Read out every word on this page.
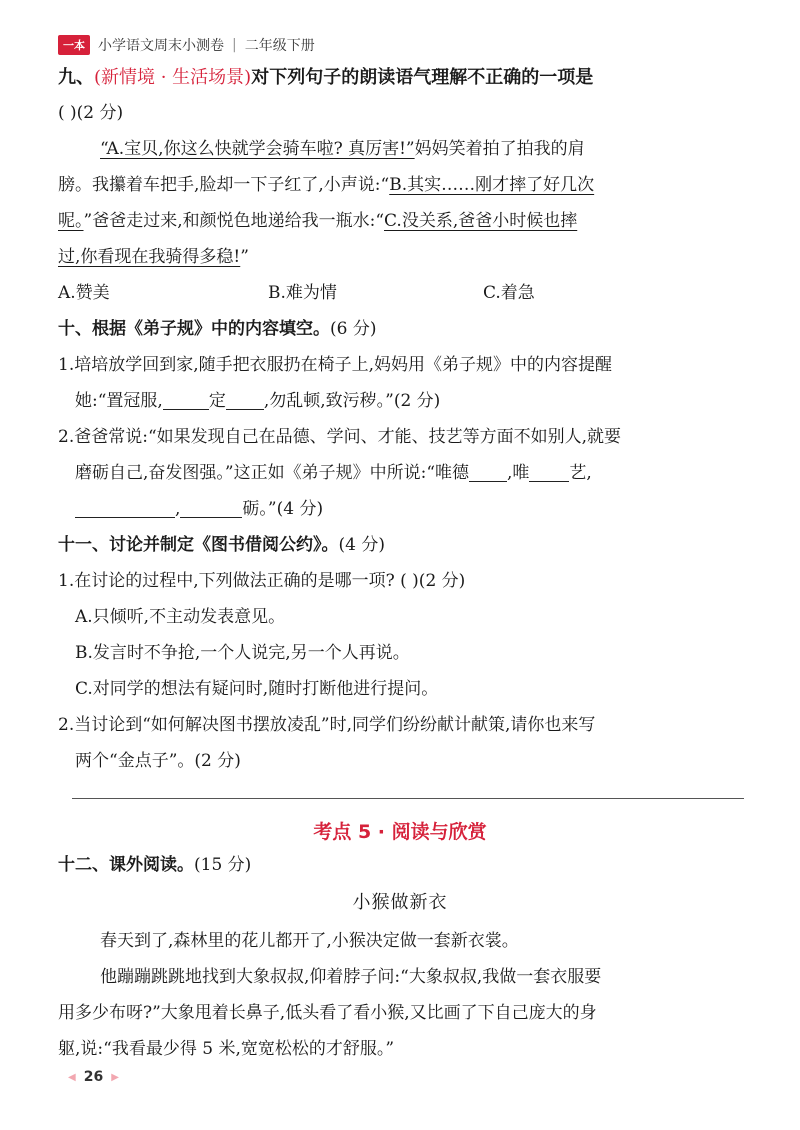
一本 小学语文周末小测卷 | 二年级下册
九、(新情境 · 生活场景)对下列句子的朗读语气理解不正确的一项是
( )(2 分)
“A.宝贝,你这么快就学会骑车啦? 真厉害!”妈妈笑着拍了拍我的肩
膀。我攥着车把手,脸却一下子红了,小声说:“B.其实……刚才摔了好几次
呢。”爸爸走过来,和颜悦色地递给我一瓶水:“C.没关系,爸爸小时候也摔
过,你看现在我骑得多稳!”
A.赞美	B.难为情	C.着急
十、根据《弟子规》中的内容填空。(6 分)
1.培培放学回到家,随手把衣服扔在椅子上,妈妈用《弟子规》中的内容提醒
她:“置冠服,	定 ,勿乱顿,致污秽。”(2 分)
2.爸爸常说:“如果发现自己在品德、学问、才能、技艺等方面不如别人,就要
磨砺自己,奋发图强。”这正如《弟子规》中所说:“唯德 ,唯 艺,
,	砺。”(4 分)
十一、讨论并制定《图书借阅公约》。(4 分)
1.在讨论的过程中,下列做法正确的是哪一项? ( )(2 分)
A.只倾听,不主动发表意见。
B.发言时不争抢,一个人说完,另一个人再说。
C.对同学的想法有疑问时,随时打断他进行提问。
2.当讨论到“如何解决图书摆放凌乱”时,同学们纷纷献计献策,请你也来写
两个“金点子”。(2 分)
考点 5 · 阅读与欣赏
十二、课外阅读。(15 分)
小猴做新衣
春天到了,森林里的花儿都开了,小猴决定做一套新衣裳。
他蹦蹦跳跳地找到大象叔叔,仰着脖子问:“大象叔叔,我做一套衣服要
用多少布呀?”大象甩着长鼻子,低头看了看小猴,又比画了下自己庞大的身
躯,说:“我看最少得 5 米,宽宽松松的才舒服。”
◀ 26 ▶
